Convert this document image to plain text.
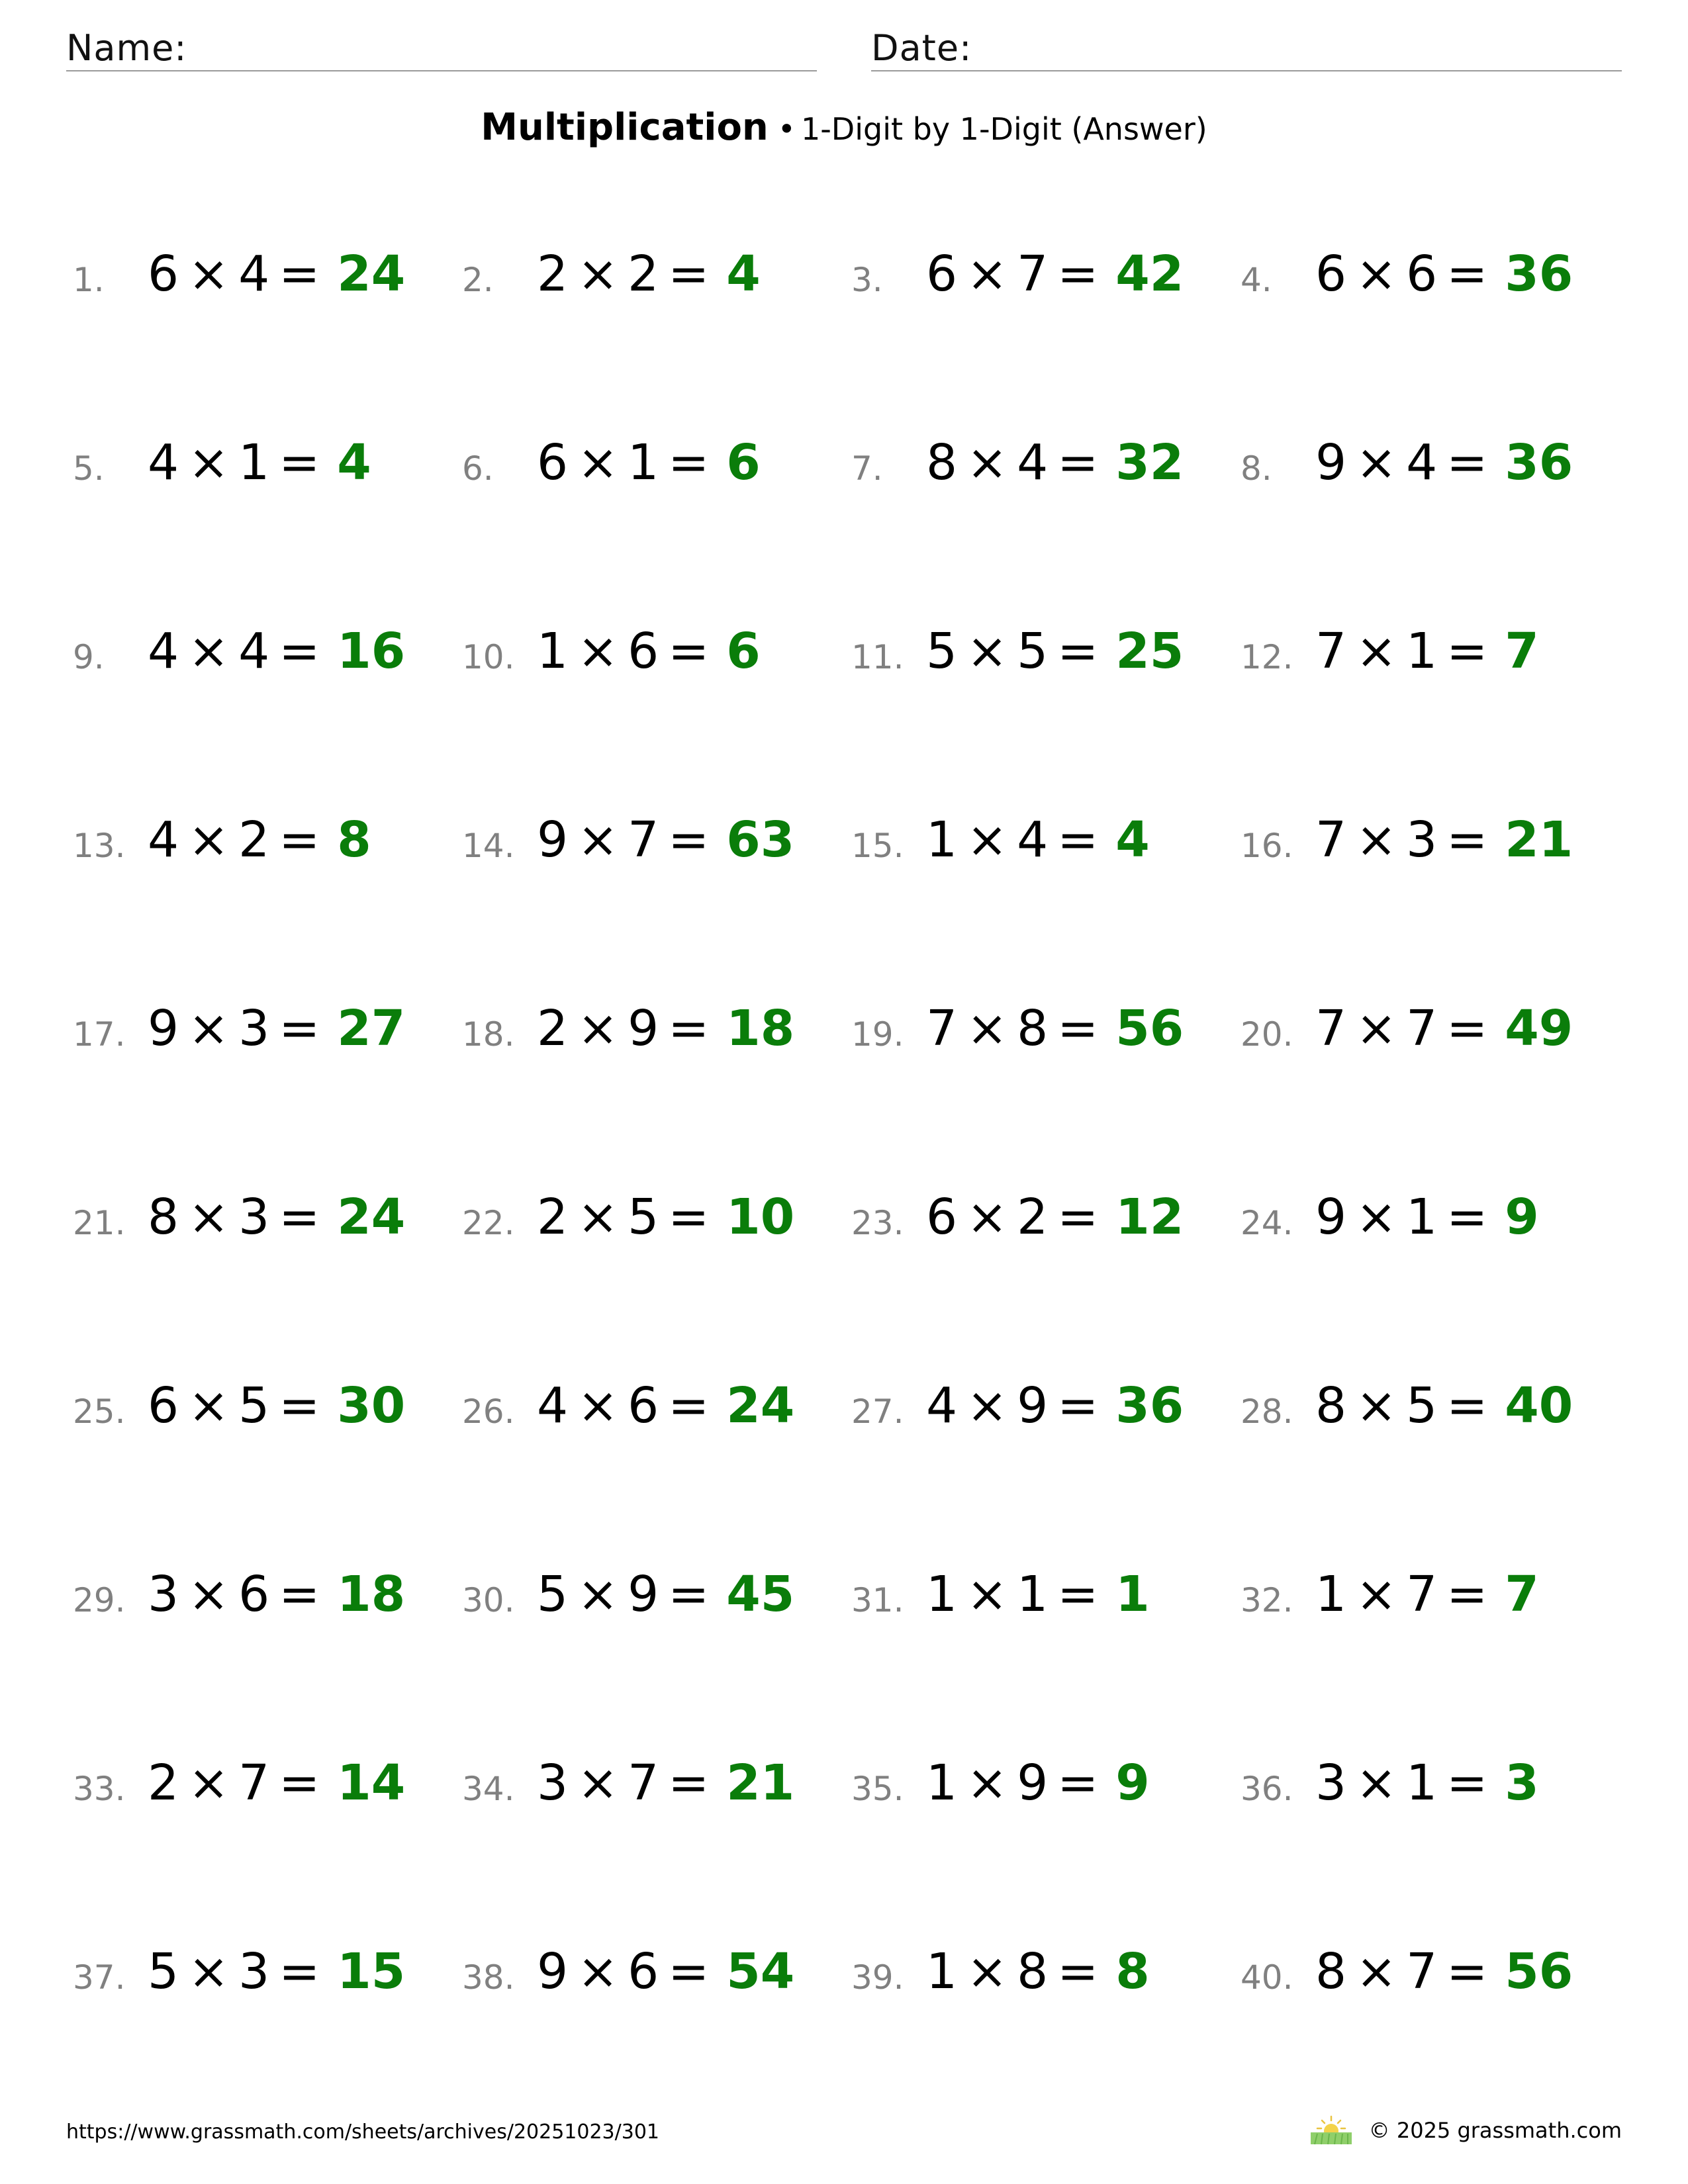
Name:	Date:
Multiplication • 1-Digit by 1-Digit (Answer)
1. 6 × 4 = 24 2. 2 × 2 = 4	3. 6 × 7 = 42 4. 6 × 6 = 36
5. 4 × 1 = 4	6. 6 × 1 = 6	7. 8 × 4 = 32 8. 9 × 4 = 36
9. 4 × 4 = 16 10. 1 × 6 = 6	11. 5 × 5 = 25 12. 7 × 1 = 7
13. 4 × 2 = 8	14. 9 × 7 = 63 15. 1 × 4 = 4	16. 7 × 3 = 21
17. 9 × 3 = 27 18. 2 × 9 = 18 19. 7 × 8 = 56 20. 7 × 7 = 49
21. 8 × 3 = 24 22. 2 × 5 = 10 23. 6 × 2 = 12 24. 9 × 1 = 9
25. 6 × 5 = 30 26. 4 × 6 = 24 27. 4 × 9 = 36 28. 8 × 5 = 40
29. 3 × 6 = 18 30. 5 × 9 = 45 31. 1 × 1 = 1	32. 1 × 7 = 7
33. 2 × 7 = 14 34. 3 × 7 = 21 35. 1 × 9 = 9	36. 3 × 1 = 3
37. 5 × 3 = 15 38. 9 × 6 = 54 39. 1 × 8 = 8	40. 8 × 7 = 56
https://www.grassmath.com/sheets/archives/20251023/301	© 2025 grassmath.com
